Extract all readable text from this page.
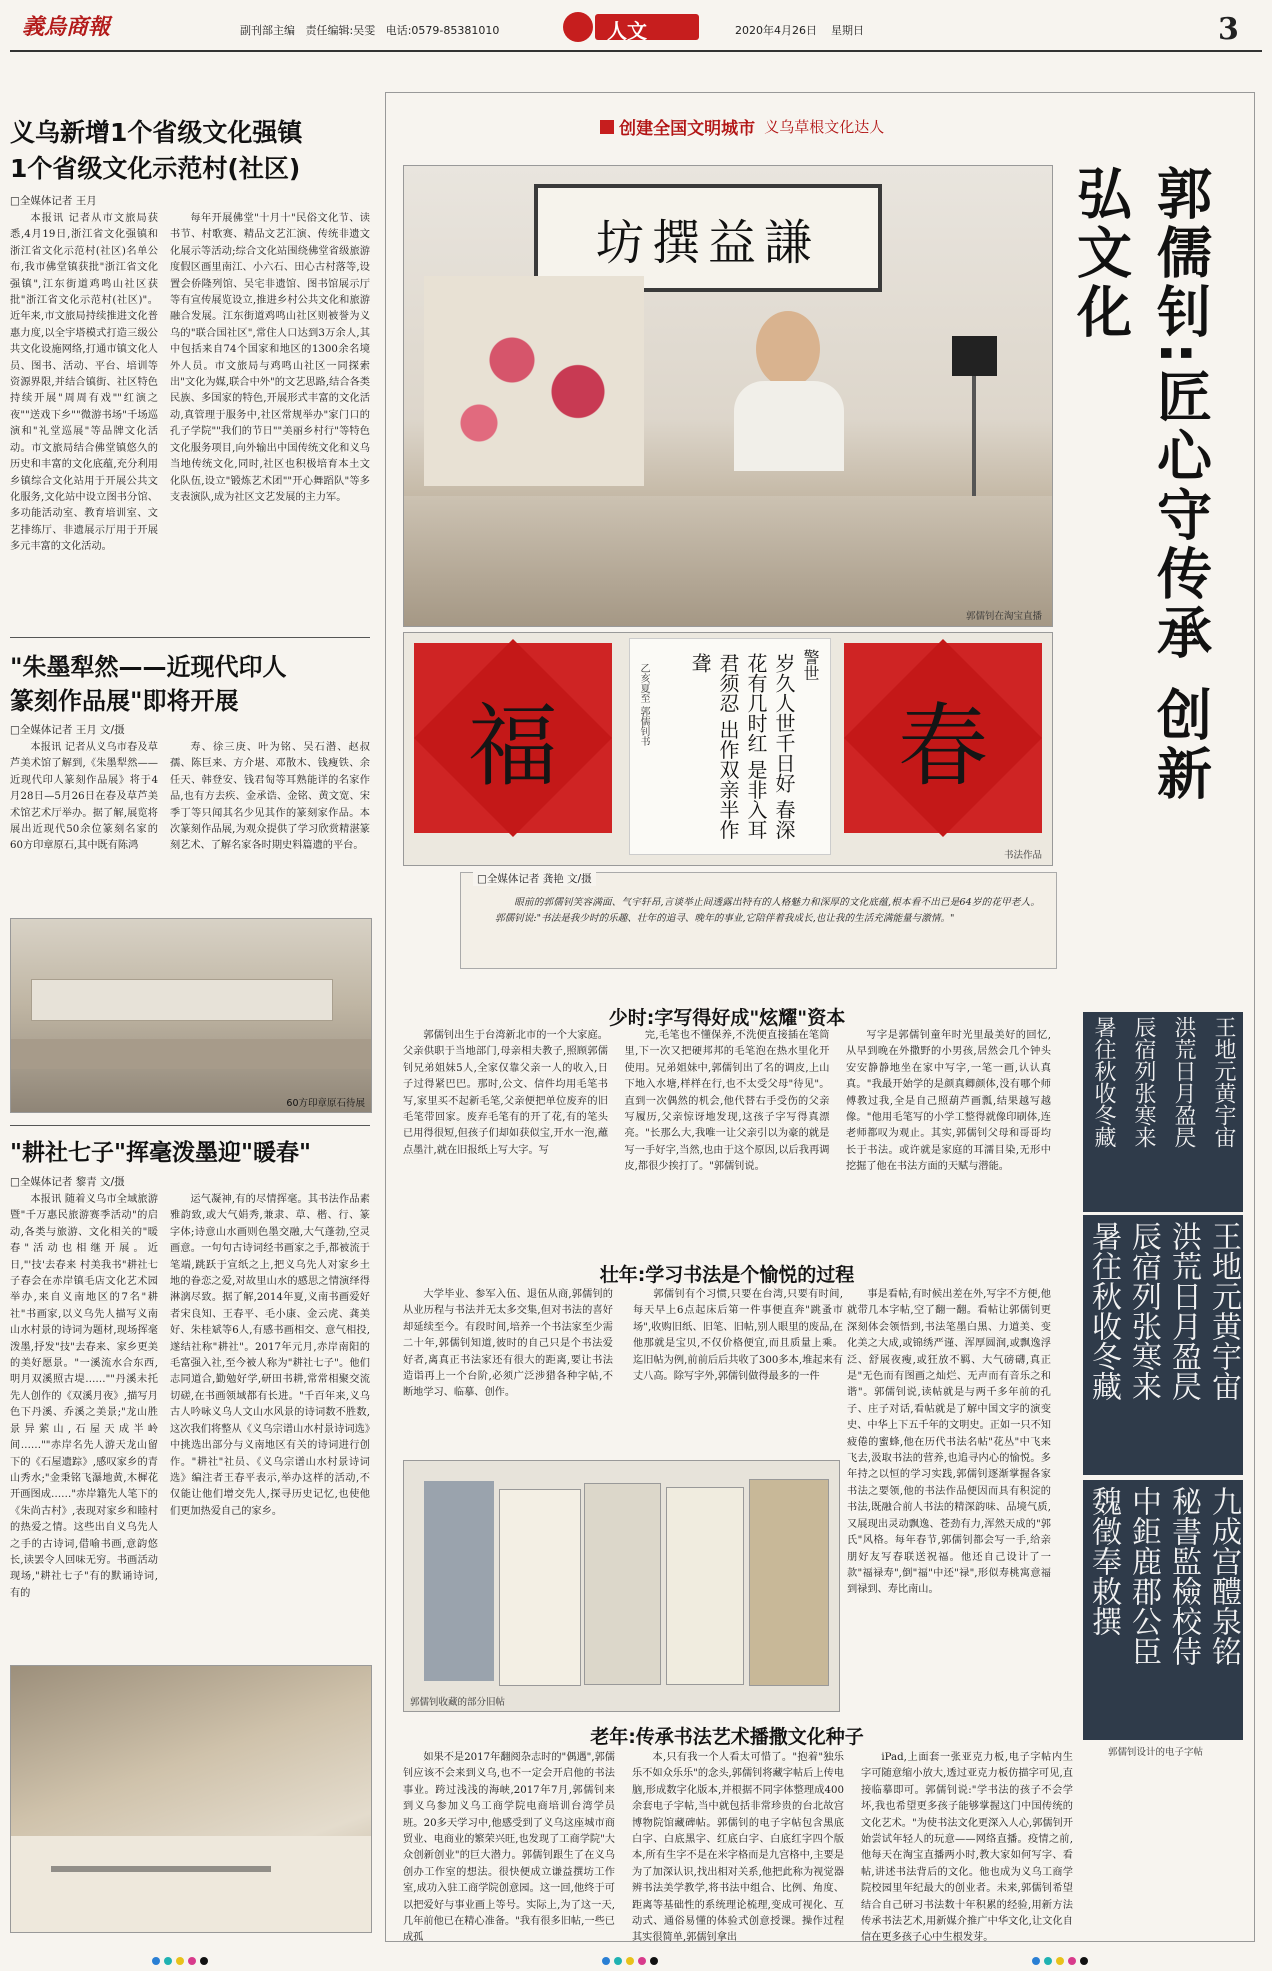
義烏商報	副刊部主编 责任编辑:吴雯 电话:0579-85381010	人文	2020年4月26日 星期日	3
义乌新增1个省级文化强镇
1个省级文化示范村(社区)
□ 全媒体记者 王月

本报讯 记者从市文旅局获悉,4月19日,浙江省文化强镇和浙江省文化示范村(社区)名单公布,我市佛堂镇获批"浙江省文化强镇",江东街道鸡鸣山社区获批"浙江省文化示范村(社区)"。近年来,市文旅局持续推进文化普惠力度,以全宇塔模式打造三级公共文化设施网络,打通市镇文化人员、图书、活动、平台、培训等资源界限,并结合镇街、社区特色持续开展"周周有戏""红演之夜""送戏下乡""微游书场"千场巡演和"礼堂巡展"等品牌文化活动。市文旅局结合佛堂镇悠久的历史和丰富的文化底蕴,充分利用乡镇综合文化站用于开展公共文化服务,文化站中设立图书分馆、多功能活动室、教育培训室、文艺排练厅、非遗展示厅用于开展多元丰富的文化活动。

每年开展佛堂"十月十"民俗文化节、读书节、村歌赛、精品文艺汇演、传统非遗文化展示等活动;综合文化站围绕佛堂省级旅游度假区画里南江、小六石、田心古村落等,设置会侨隆列馆、吴宅非遗馆、图书馆展示厅等有宣传展览设立,推进乡村公共文化和旅游融合发展。江东街道鸡鸣山社区则被誉为义乌的"联合国社区",常住人口达到3万余人,其中包括来自74个国家和地区的1300余名境外人员。市文旅局与鸡鸣山社区一同探索出"文化为媒,联合中外"的文艺思路,结合各类民族、多国家的特色,开展形式丰富的文化活动,真管理于服务中,社区常规举办"家门口的孔子学院""我们的节日""美丽乡村行"等特色文化服务项目,向外输出中国传统文化和义乌当地传统文化,同时,社区也积极培育本土文化队伍,设立"锻炼艺术团""开心舞蹈队"等多支表演队,成为社区文艺发展的主力军。

"朱墨犁然——近现代印人
篆刻作品展"即将开展
□ 全媒体记者 王月 文/摄

本报讯 记者从义乌市春及草芦美术馆了解到,《朱墨犁然——近现代印人篆刻作品展》将于4月28日—5月26日在春及草芦美术馆艺术厅举办。据了解,展览将展出近现代50余位篆刻名家的60方印章原石,其中既有陈鸿

寿、徐三庚、叶为铭、吴石潜、赵叔孺、陈巨来、方介堪、邓散木、钱瘦铁、余任天、韩登安、钱君匋等耳熟能详的名家作品,也有方去疾、金承诰、金铭、黄文宽、宋季丁等只闻其名少见其作的篆刻家作品。本次篆刻作品展,为观众提供了学习欣赏精湛篆刻艺术、了解名家各时期史料篇遗的平台。

60方印章原石待展
"耕社七子"挥毫泼墨迎"暖春"
□ 全媒体记者 黎青 文/摄

本报讯 随着义乌市全域旅游暨"千万惠民旅游赛季活动"的启动,各类与旅游、文化相关的"暖春"活动也相继开展。近日,"'技'去春来 村美我书"耕社七子春会在赤岸镇毛店文化艺术园举办,来自义南地区的7名"耕社"书画家,以义乌先人描写义南山水村景的诗词为题材,现场挥毫泼墨,抒发"技"去春来、家乡更美的美好愿景。"一溪流水合东西,明月双溪照古堤……""丹溪未托先人创作的《双溪月夜》,描写月色下丹溪、乔溪之美景;"龙山胜景异萦山,石屋天成半岭间……""赤岸名先人游天龙山留下的《石屋遗踪》,感叹家乡的青山秀水;"金秉铭飞瀑地黄,木樨花开画图成……"赤岸籍先人笔下的《朱尚古村》,表现对家乡和睦村的热爱之情。这些出自义乌先人之手的古诗词,借喻书画,意韵悠长,读罢令人回味无穷。书画活动现场,"耕社七子"有的默诵诗词,有的

运气凝神,有的尽情挥毫。其书法作品素雅韵致,或大气娟秀,兼隶、草、楷、行、篆字体;诗意山水画则色墨交融,大气蓬勃,空灵画意。一句句古诗词经书画家之手,都被流于笔端,跳跃于宣纸之上,把义乌先人对家乡土地的眷恋之爱,对故里山水的感思之情演绎得淋漓尽致。据了解,2014年夏,义南书画爱好者宋良知、王春平、毛小康、金云虎、龚美好、朱桂斌等6人,有感书画相交、意气相投,遂结社称"耕社"。2017年元月,赤岸南阳的毛富强入社,至今被人称为"耕社七子"。他们志同道合,勤勉好学,研田书耕,常常相聚交流切磋,在书画领域都有长进。"千百年来,义乌古人吟咏义乌人文山水风景的诗词数不胜数,这次我们将整从《义乌宗谱山水村景诗词选》中挑选出部分与义南地区有关的诗词进行创作。"耕社"社员、《义乌宗谱山水村景诗词选》编注者王春平表示,举办这样的活动,不仅能让他们增交先人,探寻历史记忆,也使他们更加热爱自己的家乡。

创建全国文明城市 义乌草根文化达人
郭儒钊:匠心守传承 创新弘文化
坊撰益謙
郭儒钊在淘宝直播
福
警世
岁久人世千日好 春深花有几时红 是非入耳君须忍 出作双亲半作聋
乙亥夏至 郭儒钊书	春
书法作品
□ 全媒体记者 龚艳 文/摄
眼前的郭儒钊笑容满面、气宇轩昂,言谈举止间透露出特有的人格魅力和深厚的文化底蕴,根本看不出已是64岁的花甲老人。郭儒钊说:"书法是我少时的乐趣、壮年的追寻、晚年的事业,它陪伴着我成长,也让我的生活充满能量与激情。"
少时:字写得好成"炫耀"资本

郭儒钊出生于台湾新北市的一个大家庭。父亲供职于当地部门,母亲相夫教子,照顾郭儒钊兄弟姐妹5人,全家仅靠父亲一人的收入,日子过得紧巴巴。那时,公文、信件均用毛笔书写,家里买不起新毛笔,父亲便把单位废弃的旧毛笔带回家。废弃毛笔有的开了花,有的笔头已用得很短,但孩子们却如获似宝,开水一泡,蘸点墨汁,就在旧报纸上写大字。写

完,毛笔也不懂保养,不洗便直接插在笔筒里,下一次又把硬邦邦的毛笔泡在热水里化开使用。兄弟姐妹中,郭儒钊出了名的调皮,上山下地入水塘,样样在行,也不太受父母"待见"。直到一次偶然的机会,他代替右手受伤的父亲写履历,父亲惊讶地发现,这孩子字写得真漂亮。"长那么大,我唯一让父亲引以为豪的就是写一手好字,当然,也由于这个原因,以后我再调皮,都很少挨打了。"郭儒钊说。

写字是郭儒钊童年时光里最美好的回忆,从早到晚在外撒野的小男孩,居然会几个钟头安安静静地坐在家中写字,一笔一画,认认真真。"我最开始学的是颜真卿颜体,没有哪个师傅教过我,全是自己照葫芦画瓢,结果越写越像。"他用毛笔写的小学工整得就像印刷体,连老师都叹为观止。其实,郭儒钊父母和哥哥均长于书法。或许就是家庭的耳濡目染,无形中挖掘了他在书法方面的天赋与潜能。

壮年:学习书法是个愉悦的过程

大学毕业、参军入伍、退伍从商,郭儒钊的从业历程与书法并无太多交集,但对书法的喜好却延续至今。有段时间,培养一个书法家至少需二十年,郭儒钊知道,彼时的自己只是个书法爱好者,离真正书法家还有很大的距离,要让书法造诣再上一个台阶,必须广泛涉猎各种字帖,不断地学习、临摹、创作。

郭儒钊有个习惯,只要在台湾,只要有时间,每天早上6点起床后第一件事便直奔"跳蚤市场",收购旧纸、旧笔、旧帖,别人眼里的废品,在他那就是宝贝,不仅价格便宜,而且质量上乘。迄旧帖为例,前前后后共收了300多本,堆起来有丈八高。除写字外,郭儒钊做得最多的一件

事是看帖,有时候出差在外,写字不方便,他就带几本字帖,空了翻一翻。看帖让郭儒钊更深刻体会领悟到,书法笔墨白黑、力道美、变化美之大成,或锦绣严谨、浑厚圆润,或飘逸浮泛、舒展夜瘦,或狂放不羁、大气磅礴,真正是"无色而有图画之灿烂、无声而有音乐之和谐"。郭儒钊说,读帖就是与两千多年前的孔子、庄子对话,看帖就是了解中国文字的演变史、中华上下五千年的文明史。正如一只不知疲倦的蜜蜂,他在历代书法名帖"花丛"中飞来飞去,汲取书法的营养,也追寻内心的愉悦。多年持之以恒的学习实践,郭儒钊逐渐掌握各家书法之要领,他的书法作品便因而具有积淀的书法,既融合前人书法的精深韵味、品境气质,又展现出灵动飘逸、苍劲有力,浑然天成的"郭氏"风格。每年春节,郭儒钊都会写一手,给亲朋好友写春联送祝福。他还自己设计了一款"福禄寿",倒"福"中还"禄",形似寿桃寓意福到禄到、寿比南山。

郭儒钊收藏的部分旧帖
王地元黄宇宙
洪荒日月盈昃
辰宿列张寒来
暑往秋收冬藏
王地元黄宇宙
洪荒日月盈昃
辰宿列张寒来
暑往秋收冬藏
九成宫醴泉铭
秘書監檢校侍
中鉅鹿郡公臣
魏徵奉敕撰
郭儒钊设计的电子字帖
老年:传承书法艺术播撒文化种子

如果不是2017年翻阅杂志时的"偶遇",郭儒钊应该不会来到义乌,也不一定会开启他的书法事业。跨过浅浅的海峡,2017年7月,郭儒钊来到义乌参加义乌工商学院电商培训台湾学员班。20多天学习中,他感受到了义乌这座城市商贸业、电商业的繁荣兴旺,也发现了工商学院"大众创新创业"的巨大潜力。郭儒钊跟生了在义乌创办工作室的想法。很快便成立谦益撰坊工作室,成功入驻工商学院创意园。这一回,他终于可以把爱好与事业画上等号。实际上,为了这一天,几年前他已在精心准备。"我有很多旧帖,一些已成孤

本,只有我一个人看太可惜了。"抱着"独乐乐不如众乐乐"的念头,郭儒钊将藏字帖后上传电脑,形成数字化版本,并根据不同字体整理成400余套电子字帖,当中就包括非常珍贵的台北故宫博物院馆藏碑帖。郭儒钊的电子字帖包含黑底白字、白底黑字、红底白字、白底红字四个版本,所有生字不是在米字格而是九宫格中,主要是为了加深认识,找出相对关系,他把此称为视觉器辨书法美学教学,将书法中组合、比例、角度、距离等基础性的系统理论梳理,变成可视化、互动式、通俗易懂的体验式创意授课。操作过程其实很简单,郭儒钊拿出

iPad,上面套一张亚克力板,电子字帖内生字可随意缩小放大,透过亚克力板仿描字可见,直接临摹即可。郭儒钊说:"学书法的孩子不会学坏,我也希望更多孩子能够掌握这门中国传统的文化艺术。"为使书法文化更深入人心,郭儒钊开始尝试年轻人的玩意——网络直播。疫情之前,他每天在淘宝直播两小时,教大家如何写字、看帖,讲述书法背后的文化。他也成为义乌工商学院校园里年纪最大的创业者。未来,郭儒钊希望结合自己研习书法数十年积累的经验,用新方法传承书法艺术,用新媒介推广中华文化,让文化自信在更多孩子心中生根发芽。
